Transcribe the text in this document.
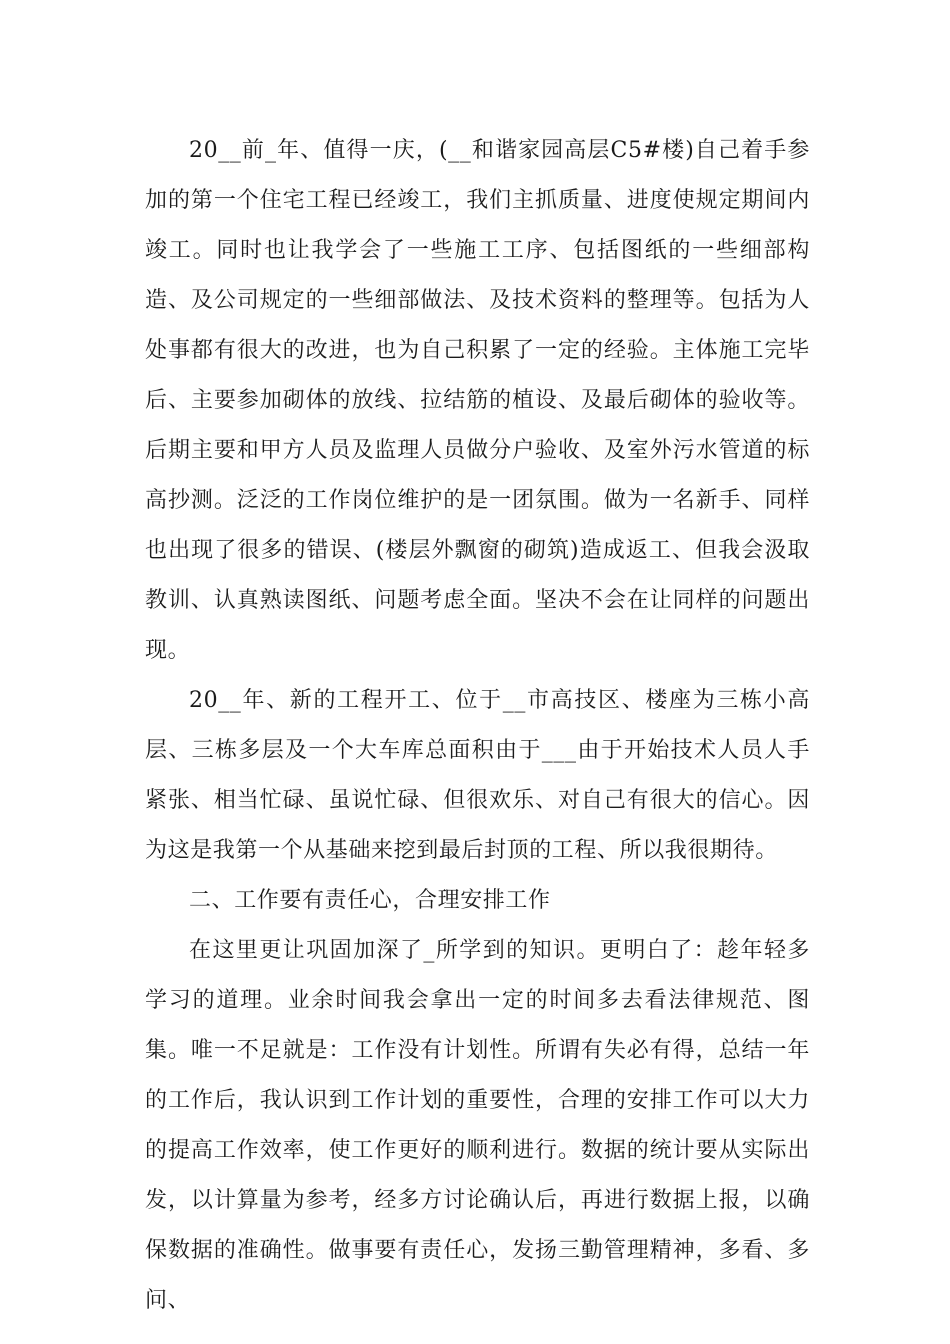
20__前_年、值得一庆，(__和谐家园高层C5#楼)自己着手参加的第一个住宅工程已经竣工，我们主抓质量、进度使规定期间内竣工。同时也让我学会了一些施工工序、包括图纸的一些细部构造、及公司规定的一些细部做法、及技术资料的整理等。包括为人处事都有很大的改进，也为自己积累了一定的经验。主体施工完毕后、主要参加砌体的放线、拉结筋的植设、及最后砌体的验收等。后期主要和甲方人员及监理人员做分户验收、及室外污水管道的标高抄测。泛泛的工作岗位维护的是一团氛围。做为一名新手、同样也出现了很多的错误、(楼层外飘窗的砌筑)造成返工、但我会汲取教训、认真熟读图纸、问题考虑全面。坚决不会在让同样的问题出现。

20__年、新的工程开工、位于__市高技区、楼座为三栋小高层、三栋多层及一个大车库总面积由于___由于开始技术人员人手紧张、相当忙碌、虽说忙碌、但很欢乐、对自己有很大的信心。因为这是我第一个从基础来挖到最后封顶的工程、所以我很期待。

二、工作要有责任心，合理安排工作

在这里更让巩固加深了_所学到的知识。更明白了：趁年轻多学习的道理。业余时间我会拿出一定的时间多去看法律规范、图集。唯一不足就是：工作没有计划性。所谓有失必有得，总结一年的工作后，我认识到工作计划的重要性，合理的安排工作可以大力的提高工作效率，使工作更好的顺利进行。数据的统计要从实际出发，以计算量为参考，经多方讨论确认后，再进行数据上报，以确保数据的准确性。做事要有责任心，发扬三勤管理精神，多看、多问、
